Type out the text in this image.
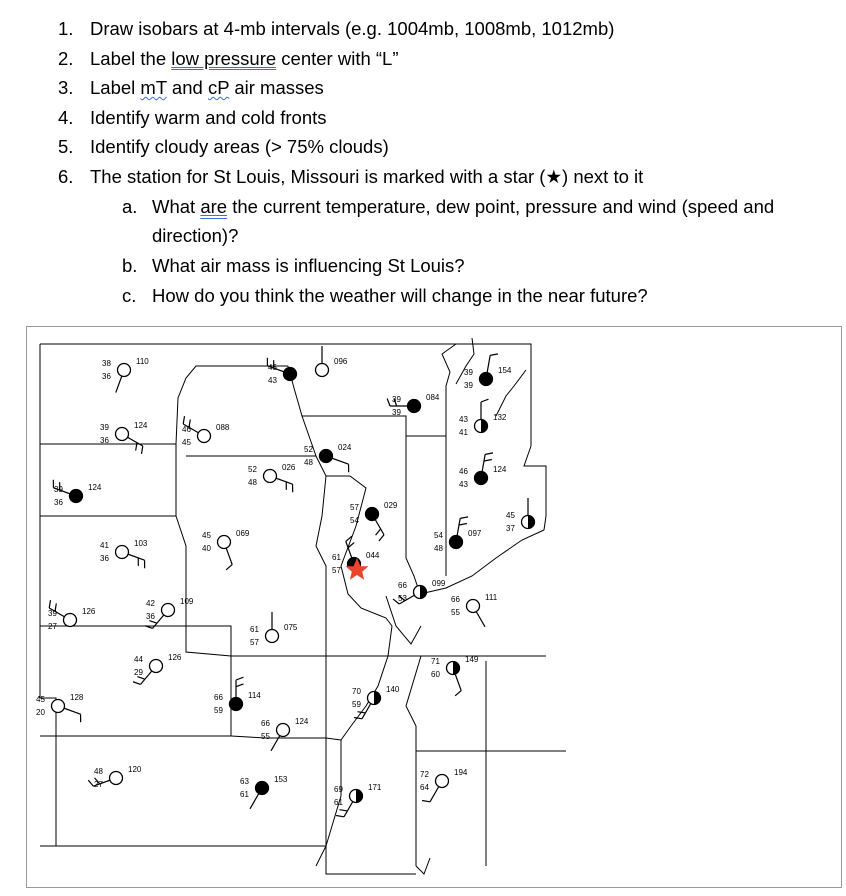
1. Draw isobars at 4-mb intervals (e.g. 1004mb, 1008mb, 1012mb)
2. Label the low pressure center with “L”
3. Label mT and cP air masses
4. Identify warm and cold fronts
5. Identify cloudy areas (> 75% clouds)
6. The station for St Louis, Missouri is marked with a star (★) next to it
a. What are the current temperature, dew point, pressure and wind (speed and
direction)?
b. What air mass is influencing St Louis?
c. How do you think the weather will change in the near future?
38
36
110
45
43
096
39
39
154
39
36
124	46
45
088
39
39
084
43
41
132
52
48
024
52
48
026
39
36
124
46
43
124
57
54
029
45
37
41
36
103
45
40
069	54
48
097
61
57
044
66
53
099
42
36
109
39
27
126
66
55
111
61
57
075
71
60
149
44
29
126
70
59
140
45
20
128	66
59
114
66
55
124
48
27
120
72
64
194
63
61
153
69
61
171
